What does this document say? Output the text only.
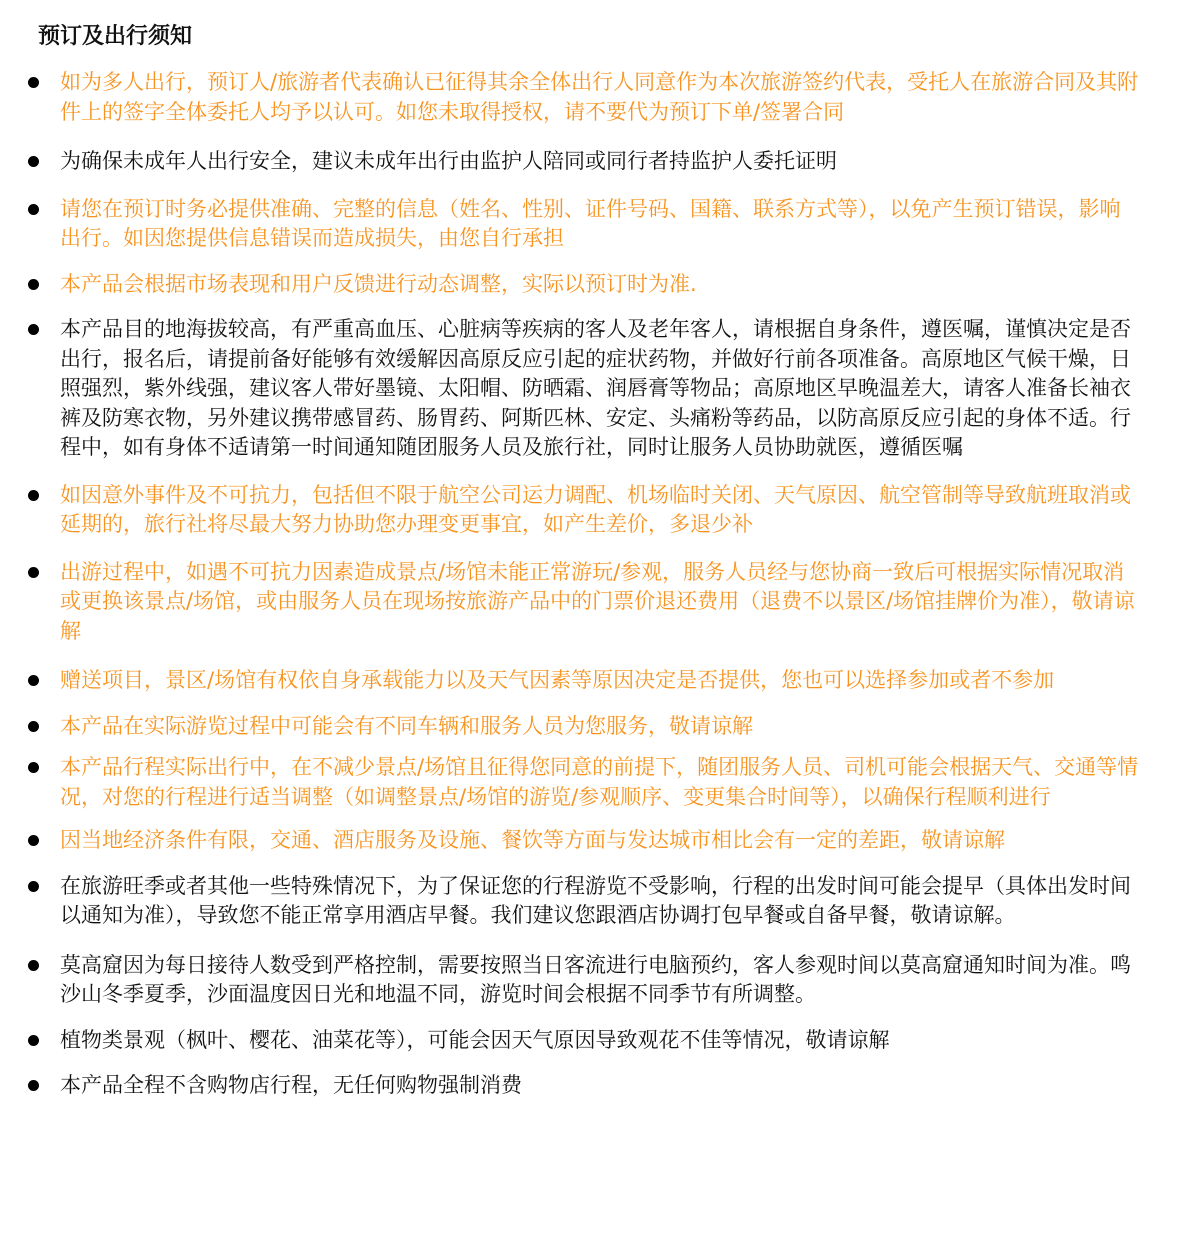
预订及出行须知
如为多人出行，预订人/旅游者代表确认已征得其余全体出行人同意作为本次旅游签约代表，受托人在旅游合同及其附件上的签字全体委托人均予以认可。如您未取得授权，请不要代为预订下单/签署合同
为确保未成年人出行安全，建议未成年出行由监护人陪同或同行者持监护人委托证明
请您在预订时务必提供准确、完整的信息（姓名、性别、证件号码、国籍、联系方式等），以免产生预订错误，影响出行。如因您提供信息错误而造成损失，由您自行承担
本产品会根据市场表现和用户反馈进行动态调整，实际以预订时为准.
本产品目的地海拔较高，有严重高血压、心脏病等疾病的客人及老年客人，请根据自身条件，遵医嘱，谨慎决定是否出行，报名后，请提前备好能够有效缓解因高原反应引起的症状药物，并做好行前各项准备。高原地区气候干燥，日照强烈，紫外线强，建议客人带好墨镜、太阳帽、防晒霜、润唇膏等物品；高原地区早晚温差大，请客人准备长袖衣裤及防寒衣物，另外建议携带感冒药、肠胃药、阿斯匹林、安定、头痛粉等药品，以防高原反应引起的身体不适。行程中，如有身体不适请第一时间通知随团服务人员及旅行社，同时让服务人员协助就医，遵循医嘱
如因意外事件及不可抗力，包括但不限于航空公司运力调配、机场临时关闭、天气原因、航空管制等导致航班取消或延期的，旅行社将尽最大努力协助您办理变更事宜，如产生差价，多退少补
出游过程中，如遇不可抗力因素造成景点/场馆未能正常游玩/参观，服务人员经与您协商一致后可根据实际情况取消或更换该景点/场馆，或由服务人员在现场按旅游产品中的门票价退还费用（退费不以景区/场馆挂牌价为准），敬请谅解
赠送项目，景区/场馆有权依自身承载能力以及天气因素等原因决定是否提供，您也可以选择参加或者不参加
本产品在实际游览过程中可能会有不同车辆和服务人员为您服务，敬请谅解
本产品行程实际出行中，在不减少景点/场馆且征得您同意的前提下，随团服务人员、司机可能会根据天气、交通等情况，对您的行程进行适当调整（如调整景点/场馆的游览/参观顺序、变更集合时间等），以确保行程顺利进行
因当地经济条件有限，交通、酒店服务及设施、餐饮等方面与发达城市相比会有一定的差距，敬请谅解
在旅游旺季或者其他一些特殊情况下，为了保证您的行程游览不受影响，行程的出发时间可能会提早（具体出发时间以通知为准），导致您不能正常享用酒店早餐。我们建议您跟酒店协调打包早餐或自备早餐，敬请谅解。
莫高窟因为每日接待人数受到严格控制，需要按照当日客流进行电脑预约，客人参观时间以莫高窟通知时间为准。鸣沙山冬季夏季，沙面温度因日光和地温不同，游览时间会根据不同季节有所调整。
植物类景观（枫叶、樱花、油菜花等），可能会因天气原因导致观花不佳等情况，敬请谅解
本产品全程不含购物店行程，无任何购物强制消费
